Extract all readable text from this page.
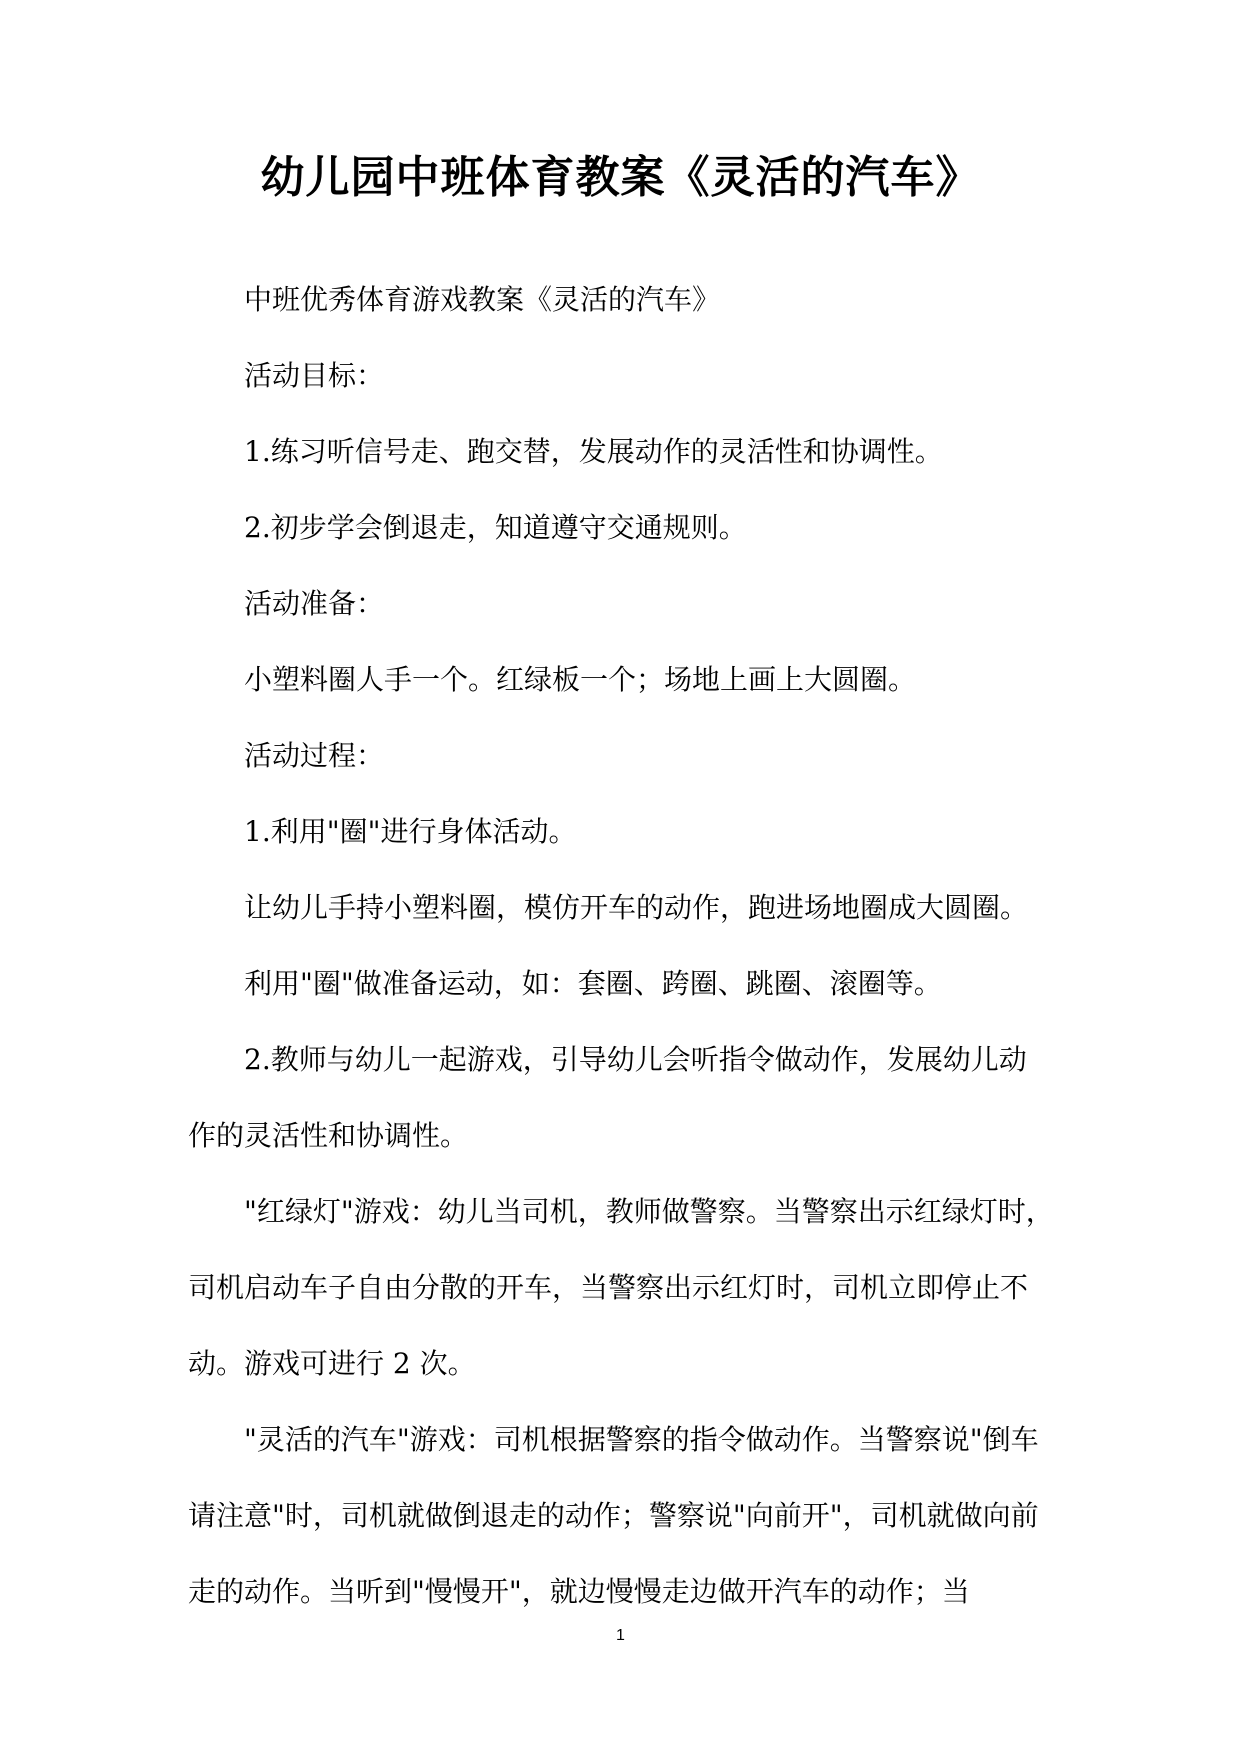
幼儿园中班体育教案《灵活的汽车》

中班优秀体育游戏教案《灵活的汽车》

活动目标：

1.练习听信号走、跑交替，发展动作的灵活性和协调性。

2.初步学会倒退走，知道遵守交通规则。

活动准备：

小塑料圈人手一个。红绿板一个；场地上画上大圆圈。

活动过程：

1.利用"圈"进行身体活动。

让幼儿手持小塑料圈，模仿开车的动作，跑进场地圈成大圆圈。

利用"圈"做准备运动，如：套圈、跨圈、跳圈、滚圈等。

2.教师与幼儿一起游戏，引导幼儿会听指令做动作，发展幼儿动作的灵活性和协调性。

"红绿灯"游戏：幼儿当司机，教师做警察。当警察出示红绿灯时，司机启动车子自由分散的开车，当警察出示红灯时，司机立即停止不动。游戏可进行 2 次。

"灵活的汽车"游戏：司机根据警察的指令做动作。当警察说"倒车请注意"时，司机就做倒退走的动作；警察说"向前开"，司机就做向前走的动作。当听到"慢慢开"，就边慢慢走边做开汽车的动作；当

1
